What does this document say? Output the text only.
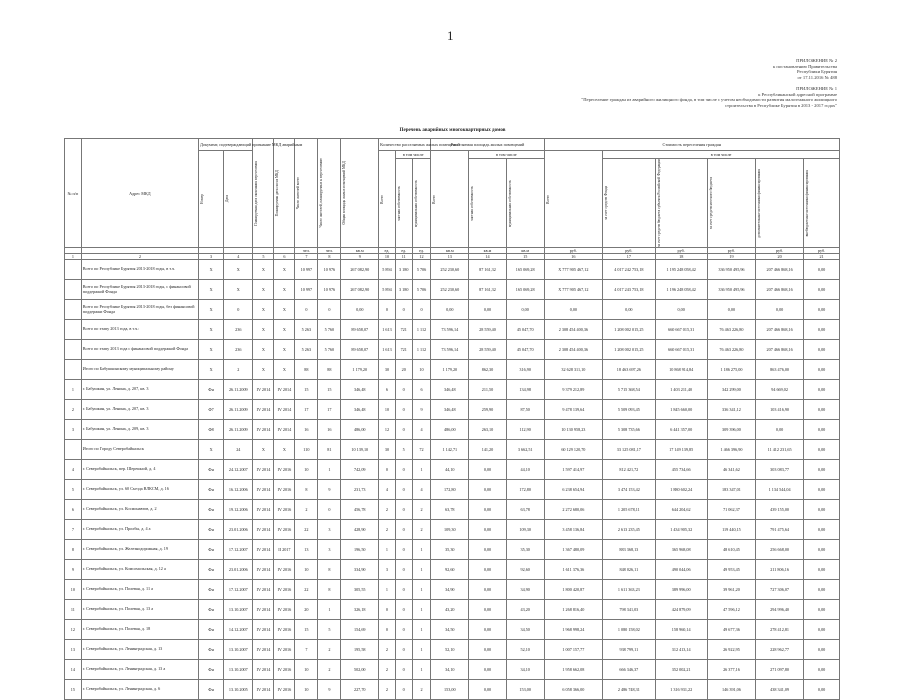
1
ПРИЛОЖЕНИЕ № 2
к постановлению Правительства
Республики Бурятия
от 17.11.2016 № 488
ПРИЛОЖЕНИЕ № 1
к Республиканской адресной программе
"Переселение граждан из аварийного жилищного фонда, в том числе с учетом необходимости развития малоэтажного жилищного
строительства в Республике Бурятия в 2013 - 2017 годах"
Перечень аварийных многоквартирных домов
№ п/п	Адрес МКД	Документ, подтверждающий признание МКД аварийным		Планируемая дата окончания переселения	Планируемая дата сноса МКД	Число жителей всего	Число жителей, планируемых к переселению	Общая площадь жилых помещений МКД	Количество расселяемых жилых помещений			Расселяемая площадь жилых помещений			Стоимость переселения граждан					

		Номер	Дата						Всего	в том числе		Всего	в том числе		Всего	в том числе				

										частная собственность	муниципальная собственность		частная собственность	муниципальная собственность		за счет средств Фонда	за счет средств бюджета субъекта Российской Федерации	за счет средств местного бюджета	дополнительные источники финансирования	внебюджетные источники финансирования

						чел.	чел.	кв.м	ед.	ед.	ед.	кв.м	кв.м	кв.м	руб.	руб.	руб.	руб.	руб.	руб.
1	2	3	4	5	6	7	8	9	10	11	12	13	14	15	16	17	18	19	20	21
	Всего по Республике Бурятия 2013-2018 годы, в т.ч.	X	X	X	X	10 997	10 976	267 082,90	5 894	3 180	5 706	252 230,60	87 161,32	165 069,28	X 777 905 467,12	4 017 242 753,18	1 195 248 058,42	336 950 495,96	207 466 868,16	0,00
	Всего по Республике Бурятия 2013-2018 годы, с финансовой поддержкой Фонда	X	X	X	X	10 997	10 976	267 082,90	5 894	3 180	5 706	252 230,60	87 161,32	165 069,28	X 777 905 467,12	4 017 243 753,18	1 196 248 058,42	336 950 495,96	207 466 868,16	0,00
	Всего по Республике Бурятия 2013-2018 годы, без финансовой поддержки Фонда	X	0	X	X	0	0	0,00	0	0	0	0,00	0,00	0,00	0,00	0,00	0,00	0,00	0,00	0,00
	Всего по этапу 2013 года, в т.ч.:	X	236	X	X	5 263	5 760	89 658,07	1 613	721	1 112	73 596,14	28 559,40	45 047,70	2 308 454 400,36	1 208 002 015,25	660 667 015,31	76 463 226,80	207 466 868,16	0,00
	Всего по этапу 2013 года с финансовой поддержкой Фонда	X	236	X	X	5 263	5 760	89 658,07	1 613	721	1 112	73 596,14	28 559,40	45 047,70	2 308 454 400,36	1 208 002 015,25	660 667 015,31	76 463 226,80	207 466 868,16	0,00
	Итого по Бабушкинскому муниципальному району	X	2	X	X	88	88	1 179,20	30	20	10	1 179,20	862,30	316,90	32 628 311,10	18 463 697,26	10 868 914,84	1 186 275,00	863 476,00	0,00
1	г. Бабушкин, ул. Ленина, д. 207, кв. 3	Фн	26.11.2009	IV 2014	IV 2014	15	15	346,48	6	0	6	346,48	211,50	134,98	9 379 212,89	5 715 368,54	1 403 211,40	342 299,00	94 669,02	0,00
2	г. Бабушкин, ул. Ленина, д. 207, кв. 3	Ф7	26.11.2009	IV 2014	IV 2014	17	17	346,48	10	0	9	346,48	259,90	87,50	9 478 139,64	5 509 093,45	1 845 660,00	336 341,12	103 416,90	0,00
3	г. Бабушкин, ул. Ленина, д. 209, кв. 3	Ф8	26.11.2009	IV 2014	IV 2014	16	16	486,00	12	0	4	486,00	263,10	112,90	10 130 958,23	5 308 735,66	6 441 357,00	309 396,00	0,00	0,00
	Итого по Городу Северобайкальск	X	24	X	X	110	81	10 139,10	30	5	72	1 142,71	141,20	3 662,51	60 129 120,70	33 125 081,17	17 149 139,85	1 466 396,90	11 412 231,65	0,00
4	г. Северобайкальск, пер. Шерешной, д. 4	Фн	24.12.2007	IV 2014	IV 2016	10	1	742,09	0	0	1	44,10	0,00	44,10	1 597 414,97	812 421,72	455 734,66	46 341,62	303 083,77	0,00
5	г. Северобайкальск, ул. 60 Съезда ВЛКСМ, д. 16	Фн	16.12.2006	IV 2014	IV 2016	8	9	231,73	4	0	4	172,80	0,00	172,80	6 238 654,94	3 474 153,42	1 880 602,24	183 347,01	1 134 544,04	0,00
6	г. Северобайкальск, ул. Космонавтов, д. 2	Фн	19.12.2006	IV 2014	IV 2016	2	0	456,78	2	0	2	63,78	0,00	63,78	2 272 680,06	1 205 678,11	644 204,62	71 062,37	439 155,00	0,00
7	г. Северобайкальск, ул. Пролбы, д. 4 а	Фн	23.01.2006	IV 2014	IV 2016	22	3	428,90	2	0	2	109,30	0,00	109,30	3 458 136,84	2 613 235,45	1 434 905,32	119 440,15	791 475,64	0,00
8	г. Северобайкальск, ул. Железнодорожная, д. 19	Фн	17.12.2007	IV 2014	II 2017	13	3	196,50	1	0	1	35,30	0,00	35,30	1 367 480,09	883 368,13	365 968,08	48 610,45	256 668,00	0,00
9	г. Северобайкальск, ул. Комсомольская, д. 12 а	Фн	23.01.2006	IV 2014	IV 2016	10	8	334,90	3	0	1	92,60	0,00	92,60	1 611 376,36	848 026,11	490 044,06	49 953,45	211 806,16	0,00
10	г. Северобайкальск, ул. Полевая, д. 11 а	Фн	17.12.2007	IV 2014	IV 2016	22	8	305,55	1	0	1	34,90	0,00	34,90	1 800 420,87	1 611 363,23	389 996,00	39 961,20	727 306,07	0,00
11	г. Северобайкальск, ул. Полевая, д. 13 а	Фн	13.10.2007	IV 2014	IV 2016	20	1	326,18	0	0	1	43,20	0,00	43,20	1 268 816,40	798 341,03	424 879,09	47 596,12	294 996,40	0,00
12	г. Северобайкальск, ул. Полевая, д. 18	Фн	14.12.2007	IV 2014	IV 2016	15	5	154,69	0	0	1	34,50	0,00	34,50	1 968 998,24	1 080 158,02	158 960,14	49 677,36	278 412,81	0,00
13	г. Северобайкальск, ул. Ленинградская, д. 13	Фн	13.10.2007	IV 2014	IV 2016	7	2	195,58	2	0	1	52,10	0,00	52,10	1 007 157,77	938 799,11	312 413,14	26 922,95	228 962,77	0,00
14	г. Северобайкальск, ул. Ленинградская, д. 13 а	Фн	13.10.2007	IV 2014	IV 2016	10	2	502,00	2	0	1	34,10	0,00	34,10	1 958 662,08	666 346,37	352 002,21	26 377,16	271 097,80	0,00
15	г. Северобайкальск, ул. Ленинградская, д. 6	Фн	13.10.2005	IV 2014	IV 2016	10	9	227,70	2	0	2	153,00	0,00	153,00	6 058 366,00	2 486 748,31	1 316 931,22	146 391,06	438 341,09	0,00
